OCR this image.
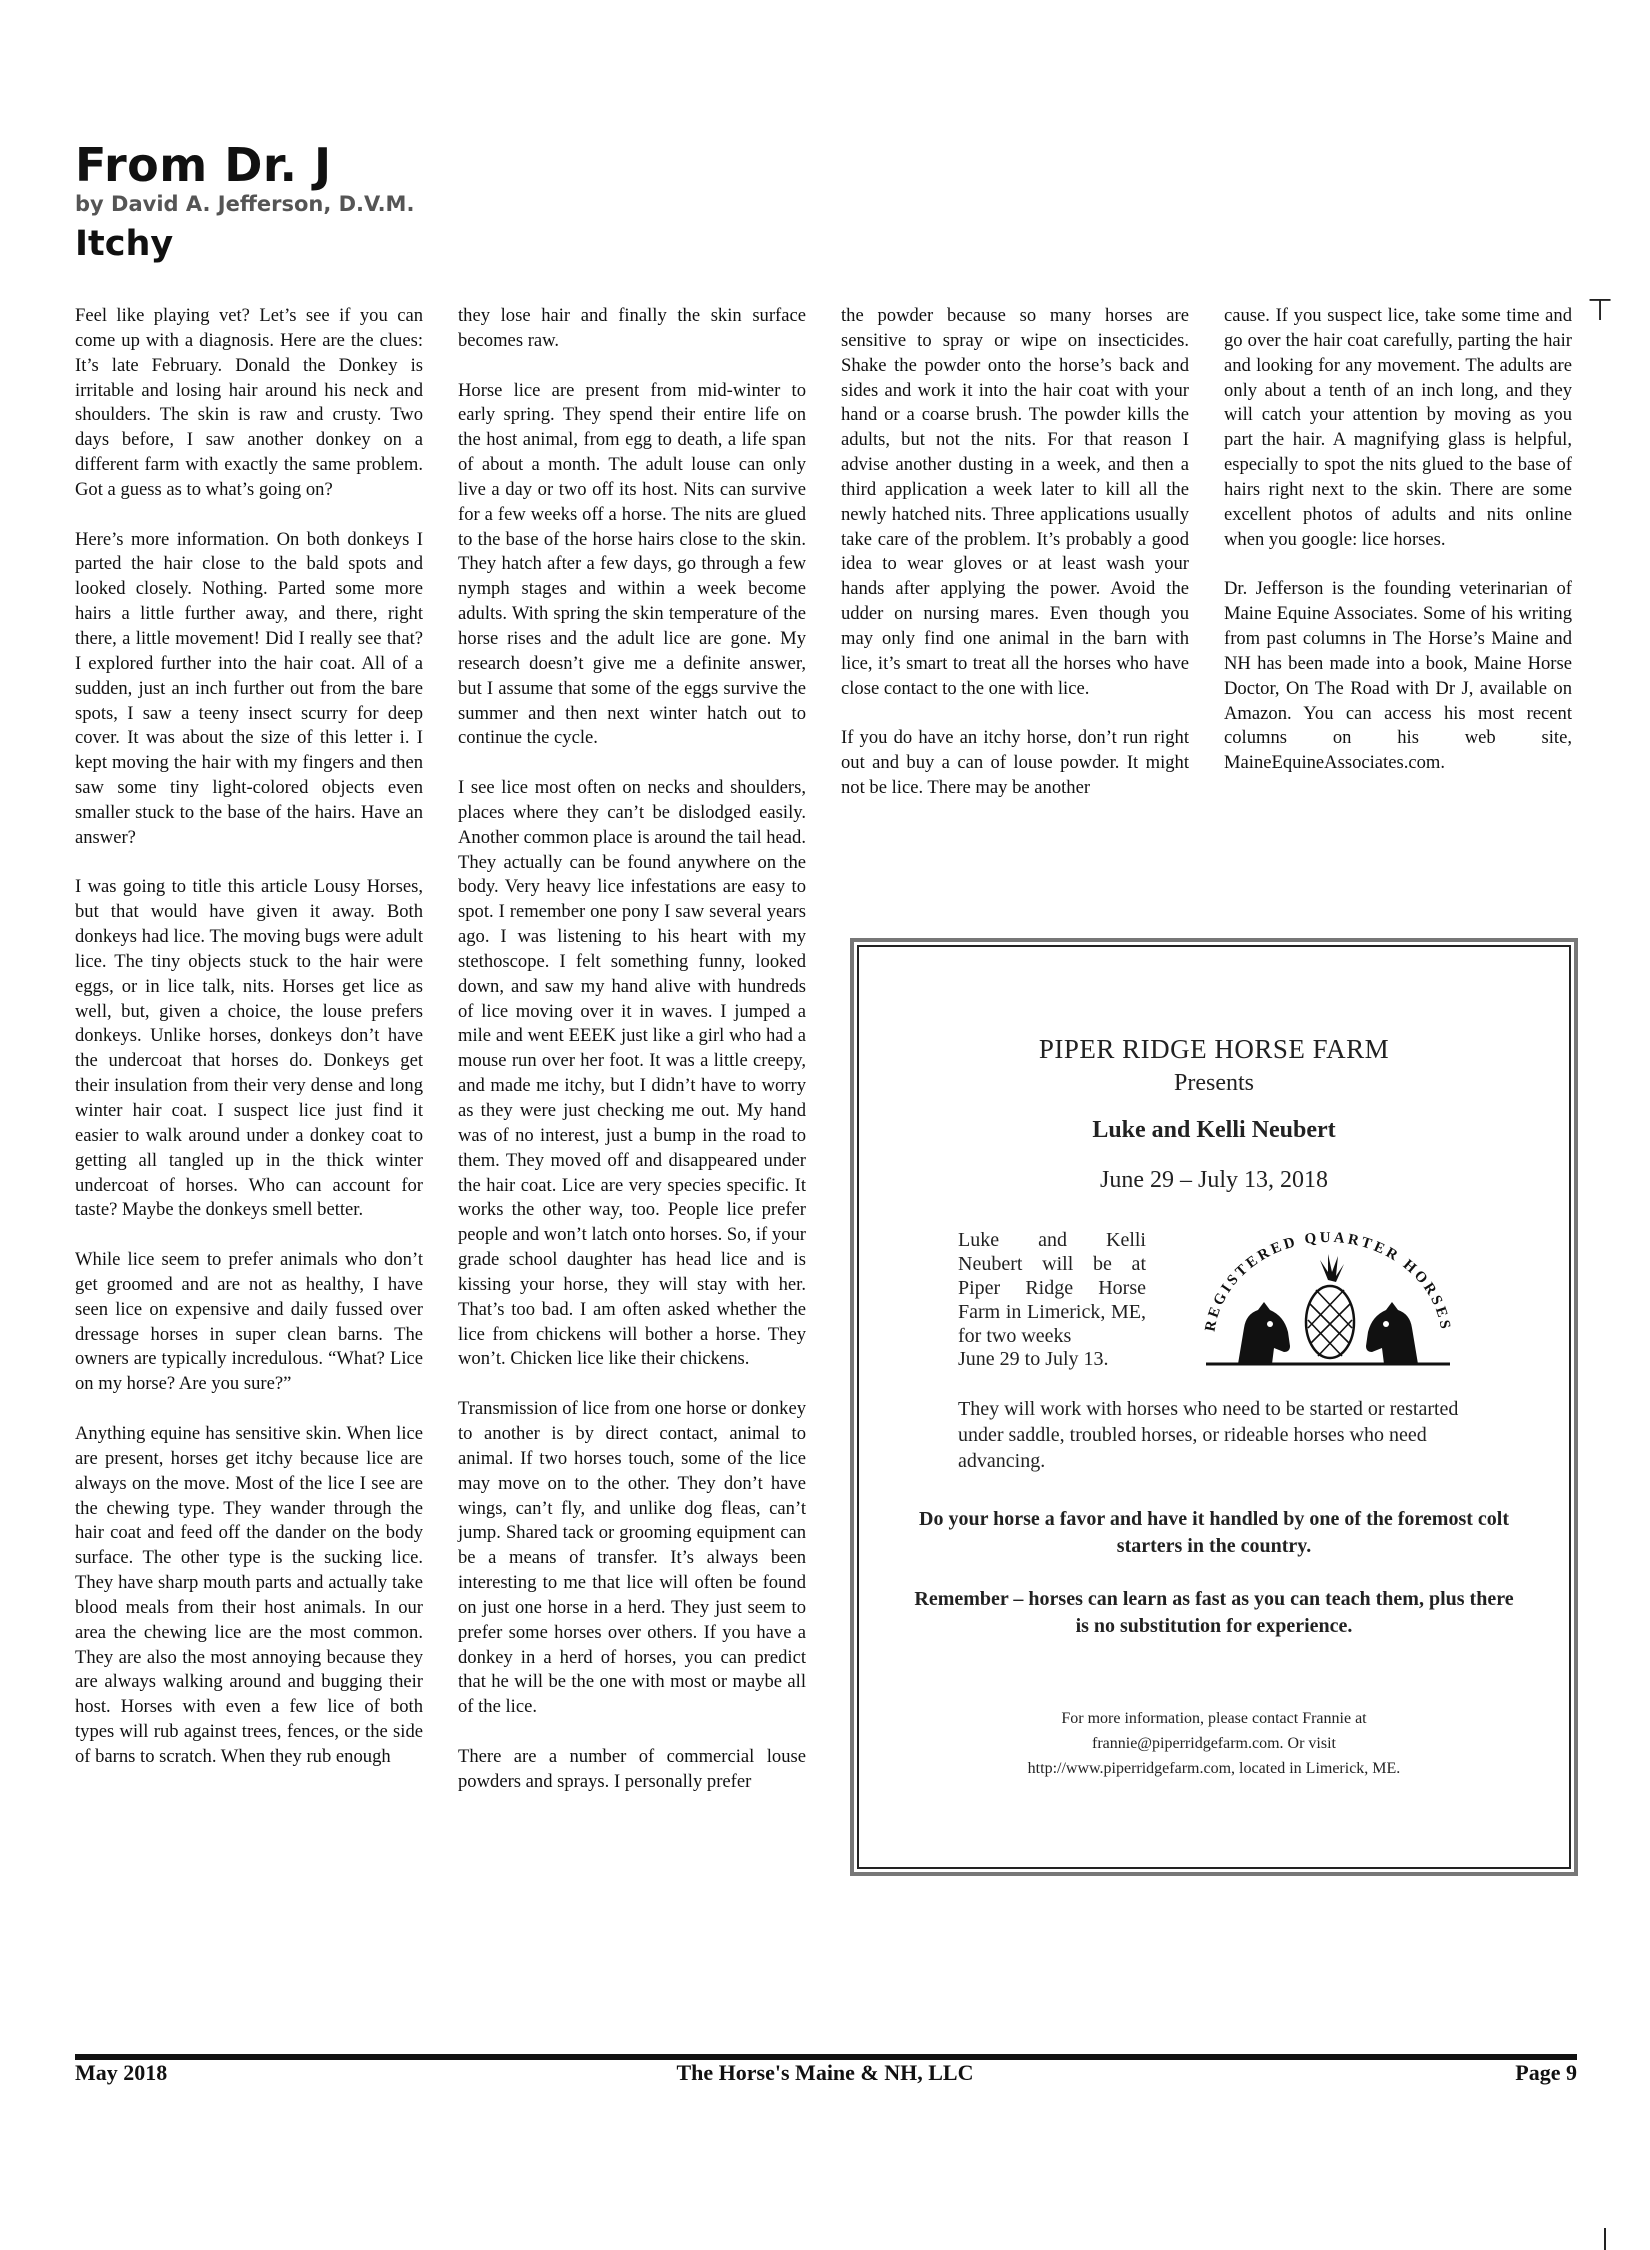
From Dr. J
by David A. Jefferson, D.V.M.
Itchy
⊤

Feel like playing vet? Let’s see if you can come up with a diagnosis. Here are the clues: It’s late February. Donald the Donkey is irritable and losing hair around his neck and shoulders. The skin is raw and crusty. Two days before, I saw another donkey on a different farm with exactly the same problem. Got a guess as to what’s going on?

Here’s more information. On both donkeys I parted the hair close to the bald spots and looked closely. Nothing. Parted some more hairs a little further away, and there, right there, a little movement! Did I really see that? I explored further into the hair coat. All of a sudden, just an inch further out from the bare spots, I saw a teeny insect scurry for deep cover. It was about the size of this letter i. I kept moving the hair with my fingers and then saw some tiny light-colored objects even smaller stuck to the base of the hairs. Have an answer?

I was going to title this article Lousy Horses, but that would have given it away. Both donkeys had lice. The moving bugs were adult lice. The tiny objects stuck to the hair were eggs, or in lice talk, nits. Horses get lice as well, but, given a choice, the louse prefers donkeys. Unlike horses, donkeys don’t have the undercoat that horses do. Donkeys get their insulation from their very dense and long winter hair coat. I suspect lice just find it easier to walk around under a donkey coat to getting all tangled up in the thick winter undercoat of horses. Who can account for taste? Maybe the donkeys smell better.

While lice seem to prefer animals who don’t get groomed and are not as healthy, I have seen lice on expensive and daily fussed over dressage horses in super clean barns. The owners are typically incredulous. “What? Lice on my horse? Are you sure?”

Anything equine has sensitive skin. When lice are present, horses get itchy because lice are always on the move. Most of the lice I see are the chewing type. They wander through the hair coat and feed off the dander on the body surface. The other type is the sucking lice. They have sharp mouth parts and actually take blood meals from their host animals. In our area the chewing lice are the most common. They are also the most annoying because they are always walking around and bugging their host. Horses with even a few lice of both types will rub against trees, fences, or the side of barns to scratch. When they rub enough

they lose hair and finally the skin surface becomes raw.

Horse lice are present from mid-winter to early spring. They spend their entire life on the host animal, from egg to death, a life span of about a month. The adult louse can only live a day or two off its host. Nits can survive for a few weeks off a horse. The nits are glued to the base of the horse hairs close to the skin. They hatch after a few days, go through a few nymph stages and within a week become adults. With spring the skin temperature of the horse rises and the adult lice are gone. My research doesn’t give me a definite answer, but I assume that some of the eggs survive the summer and then next winter hatch out to continue the cycle.

I see lice most often on necks and shoulders, places where they can’t be dislodged easily. Another common place is around the tail head. They actually can be found anywhere on the body. Very heavy lice infestations are easy to spot. I remember one pony I saw several years ago. I was listening to his heart with my stethoscope. I felt something funny, looked down, and saw my hand alive with hundreds of lice moving over it in waves. I jumped a mile and went EEEK just like a girl who had a mouse run over her foot. It was a little creepy, and made me itchy, but I didn’t have to worry as they were just checking me out. My hand was of no interest, just a bump in the road to them. They moved off and disappeared under the hair coat. Lice are very species specific. It works the other way, too. People lice prefer people and won’t latch onto horses. So, if your grade school daughter has head lice and is kissing your horse, they will stay with her. That’s too bad. I am often asked whether the lice from chickens will bother a horse. They won’t. Chicken lice like their chickens.

Transmission of lice from one horse or donkey to another is by direct contact, animal to animal. If two horses touch, some of the lice may move on to the other. They don’t have wings, can’t fly, and unlike dog fleas, can’t jump. Shared tack or grooming equipment can be a means of transfer. It’s always been interesting to me that lice will often be found on just one horse in a herd. They just seem to prefer some horses over others. If you have a donkey in a herd of horses, you can predict that he will be the one with most or maybe all of the lice.

There are a number of commercial louse powders and sprays. I personally prefer

the powder because so many horses are sensitive to spray or wipe on insecticides. Shake the powder onto the horse’s back and sides and work it into the hair coat with your hand or a coarse brush. The powder kills the adults, but not the nits. For that reason I advise another dusting in a week, and then a third application a week later to kill all the newly hatched nits. Three applications usually take care of the problem. It’s probably a good idea to wear gloves or at least wash your hands after applying the power. Avoid the udder on nursing mares. Even though you may only find one animal in the barn with lice, it’s smart to treat all the horses who have close contact to the one with lice.

If you do have an itchy horse, don’t run right out and buy a can of louse powder. It might not be lice. There may be another

cause. If you suspect lice, take some time and go over the hair coat carefully, parting the hair and looking for any movement. The adults are only about a tenth of an inch long, and they will catch your attention by moving as you part the hair. A magnifying glass is helpful, especially to spot the nits glued to the base of hairs right next to the skin. There are some excellent photos of adults and nits online when you google: lice horses.

Dr. Jefferson is the founding veterinarian of Maine Equine Associates. Some of his writing from past columns in The Horse’s Maine and NH has been made into a book, Maine Horse Doctor, On The Road with Dr J, available on Amazon. You can access his most recent columns on his web site, MaineEquineAssociates.com.

PIPER RIDGE HORSE FARM
Presents
Luke and Kelli Neubert
June 29 – July 13, 2018
Luke and Kelli Neubert will be at Piper Ridge Horse Farm in Limerick, ME, for two weeks
June 29 to July 13.
REGISTERED QUARTER HORSES
They will work with horses who need to be started or restarted under saddle, troubled horses, or rideable horses who need advancing.
Do your horse a favor and have it handled by one of the foremost colt starters in the country.
Remember – horses can learn as fast as you can teach them, plus there is no substitution for experience.
For more information, please contact Frannie at
frannie@piperridgefarm.com. Or visit
http://www.piperridgefarm.com, located in Limerick, ME.
May 2018	The Horse's Maine & NH, LLC	Page 9
